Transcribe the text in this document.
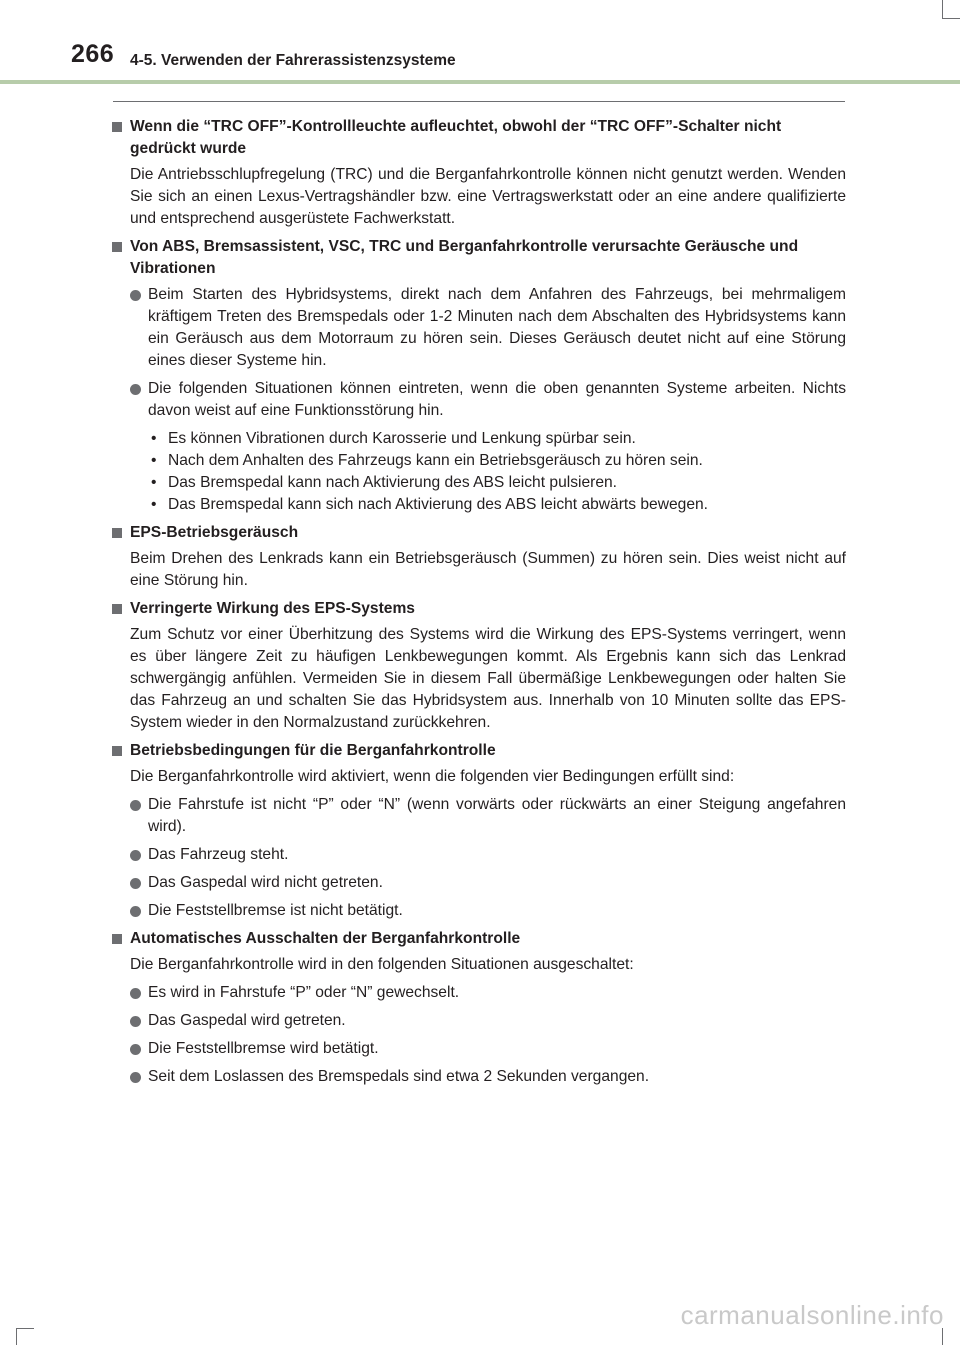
266 4-5. Verwenden der Fahrerassistenzsysteme
Wenn die “TRC OFF”-Kontrollleuchte aufleuchtet, obwohl der “TRC OFF”-Schalter nicht gedrückt wurde
Die Antriebsschlupfregelung (TRC) und die Berganfahrkontrolle können nicht genutzt werden. Wenden Sie sich an einen Lexus-Vertragshändler bzw. eine Vertragswerkstatt oder an eine andere qualifizierte und entsprechend ausgerüstete Fachwerkstatt.
Von ABS, Bremsassistent, VSC, TRC und Berganfahrkontrolle verursachte Geräusche und Vibrationen
Beim Starten des Hybridsystems, direkt nach dem Anfahren des Fahrzeugs, bei mehrmaligem kräftigem Treten des Bremspedals oder 1-2 Minuten nach dem Abschalten des Hybridsystems kann ein Geräusch aus dem Motorraum zu hören sein. Dieses Geräusch deutet nicht auf eine Störung eines dieser Systeme hin.
Die folgenden Situationen können eintreten, wenn die oben genannten Systeme arbeiten. Nichts davon weist auf eine Funktionsstörung hin.
• Es können Vibrationen durch Karosserie und Lenkung spürbar sein.
• Nach dem Anhalten des Fahrzeugs kann ein Betriebsgeräusch zu hören sein.
• Das Bremspedal kann nach Aktivierung des ABS leicht pulsieren.
• Das Bremspedal kann sich nach Aktivierung des ABS leicht abwärts bewegen.
EPS-Betriebsgeräusch
Beim Drehen des Lenkrads kann ein Betriebsgeräusch (Summen) zu hören sein. Dies weist nicht auf eine Störung hin.
Verringerte Wirkung des EPS-Systems
Zum Schutz vor einer Überhitzung des Systems wird die Wirkung des EPS-Systems verringert, wenn es über längere Zeit zu häufigen Lenkbewegungen kommt. Als Ergebnis kann sich das Lenkrad schwergängig anfühlen. Vermeiden Sie in diesem Fall übermäßige Lenkbewegungen oder halten Sie das Fahrzeug an und schalten Sie das Hybridsystem aus. Innerhalb von 10 Minuten sollte das EPS-System wieder in den Normalzustand zurückkehren.
Betriebsbedingungen für die Berganfahrkontrolle
Die Berganfahrkontrolle wird aktiviert, wenn die folgenden vier Bedingungen erfüllt sind:
Die Fahrstufe ist nicht “P” oder “N” (wenn vorwärts oder rückwärts an einer Steigung angefahren wird).
Das Fahrzeug steht.
Das Gaspedal wird nicht getreten.
Die Feststellbremse ist nicht betätigt.
Automatisches Ausschalten der Berganfahrkontrolle
Die Berganfahrkontrolle wird in den folgenden Situationen ausgeschaltet:
Es wird in Fahrstufe “P” oder “N” gewechselt.
Das Gaspedal wird getreten.
Die Feststellbremse wird betätigt.
Seit dem Loslassen des Bremspedals sind etwa 2 Sekunden vergangen.
carmanualsonline.info
